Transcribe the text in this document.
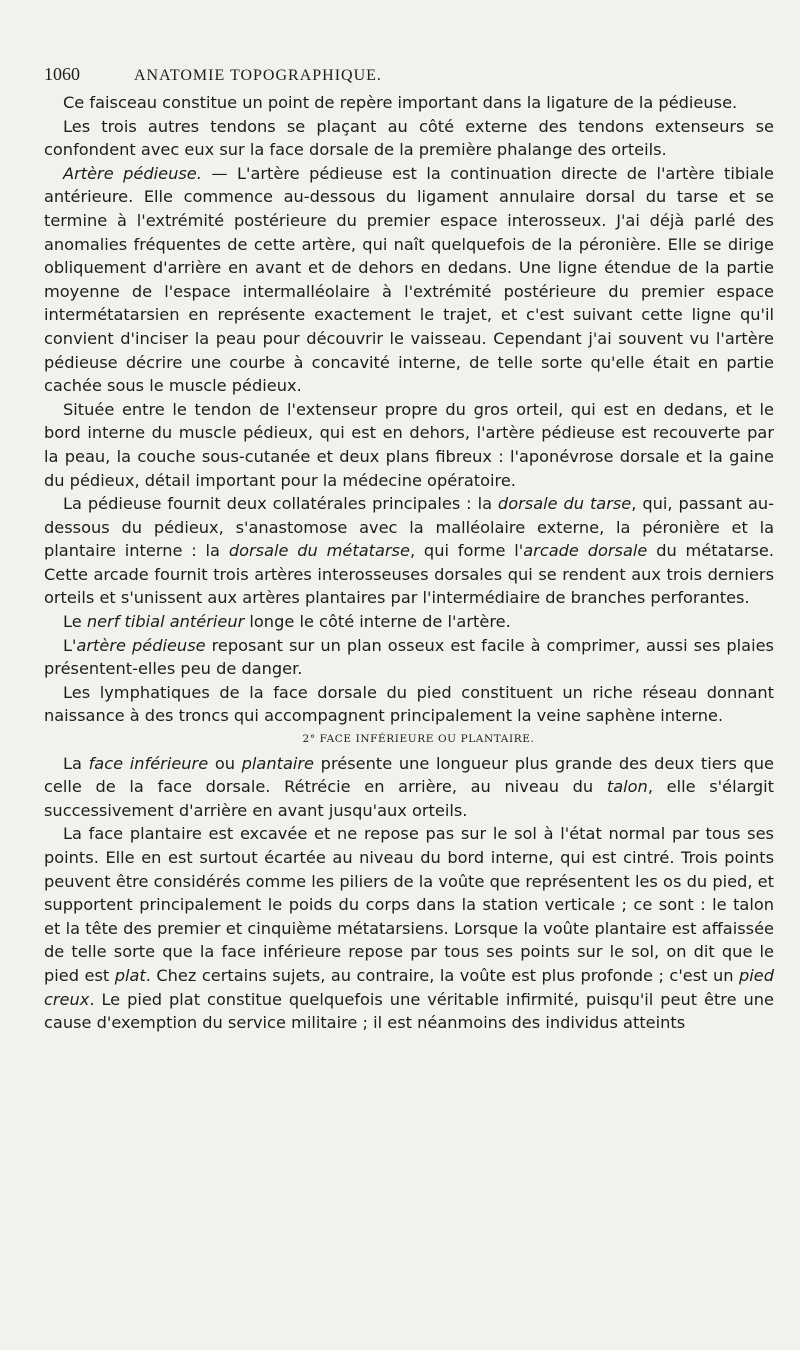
1060	ANATOMIE TOPOGRAPHIQUE.

Ce faisceau constitue un point de repère important dans la ligature de la pédieuse.

Les trois autres tendons se plaçant au côté externe des tendons extenseurs se confondent avec eux sur la face dorsale de la première phalange des orteils.

Artère pédieuse. — L'artère pédieuse est la continuation directe de l'artère tibiale antérieure. Elle commence au-dessous du ligament annulaire dorsal du tarse et se termine à l'extrémité postérieure du premier espace interosseux. J'ai déjà parlé des anomalies fréquentes de cette artère, qui naît quelquefois de la péronière. Elle se dirige obliquement d'arrière en avant et de dehors en dedans. Une ligne étendue de la partie moyenne de l'espace intermalléolaire à l'extrémité postérieure du premier espace intermétatarsien en représente exactement le trajet, et c'est suivant cette ligne qu'il convient d'inciser la peau pour découvrir le vaisseau. Cependant j'ai souvent vu l'artère pédieuse décrire une courbe à concavité interne, de telle sorte qu'elle était en partie cachée sous le muscle pédieux.

Située entre le tendon de l'extenseur propre du gros orteil, qui est en dedans, et le bord interne du muscle pédieux, qui est en dehors, l'artère pédieuse est recouverte par la peau, la couche sous-cutanée et deux plans fibreux : l'aponévrose dorsale et la gaine du pédieux, détail important pour la médecine opératoire.

La pédieuse fournit deux collatérales principales : la dorsale du tarse, qui, passant au-dessous du pédieux, s'anastomose avec la malléolaire externe, la péronière et la plantaire interne : la dorsale du métatarse, qui forme l'arcade dorsale du métatarse. Cette arcade fournit trois artères interosseuses dorsales qui se rendent aux trois derniers orteils et s'unissent aux artères plantaires par l'intermédiaire de branches perforantes.

Le nerf tibial antérieur longe le côté interne de l'artère.

L'artère pédieuse reposant sur un plan osseux est facile à comprimer, aussi ses plaies présentent-elles peu de danger.

Les lymphatiques de la face dorsale du pied constituent un riche réseau donnant naissance à des troncs qui accompagnent principalement la veine saphène interne.

2° FACE INFÉRIEURE OU PLANTAIRE.

La face inférieure ou plantaire présente une longueur plus grande des deux tiers que celle de la face dorsale. Rétrécie en arrière, au niveau du talon, elle s'élargit successivement d'arrière en avant jusqu'aux orteils.

La face plantaire est excavée et ne repose pas sur le sol à l'état normal par tous ses points. Elle en est surtout écartée au niveau du bord interne, qui est cintré. Trois points peuvent être considérés comme les piliers de la voûte que représentent les os du pied, et supportent principalement le poids du corps dans la station verticale ; ce sont : le talon et la tête des premier et cinquième métatarsiens. Lorsque la voûte plantaire est affaissée de telle sorte que la face inférieure repose par tous ses points sur le sol, on dit que le pied est plat. Chez certains sujets, au contraire, la voûte est plus profonde ; c'est un pied creux. Le pied plat constitue quelquefois une véritable infirmité, puisqu'il peut être une cause d'exemption du service militaire ; il est néanmoins des individus atteints
